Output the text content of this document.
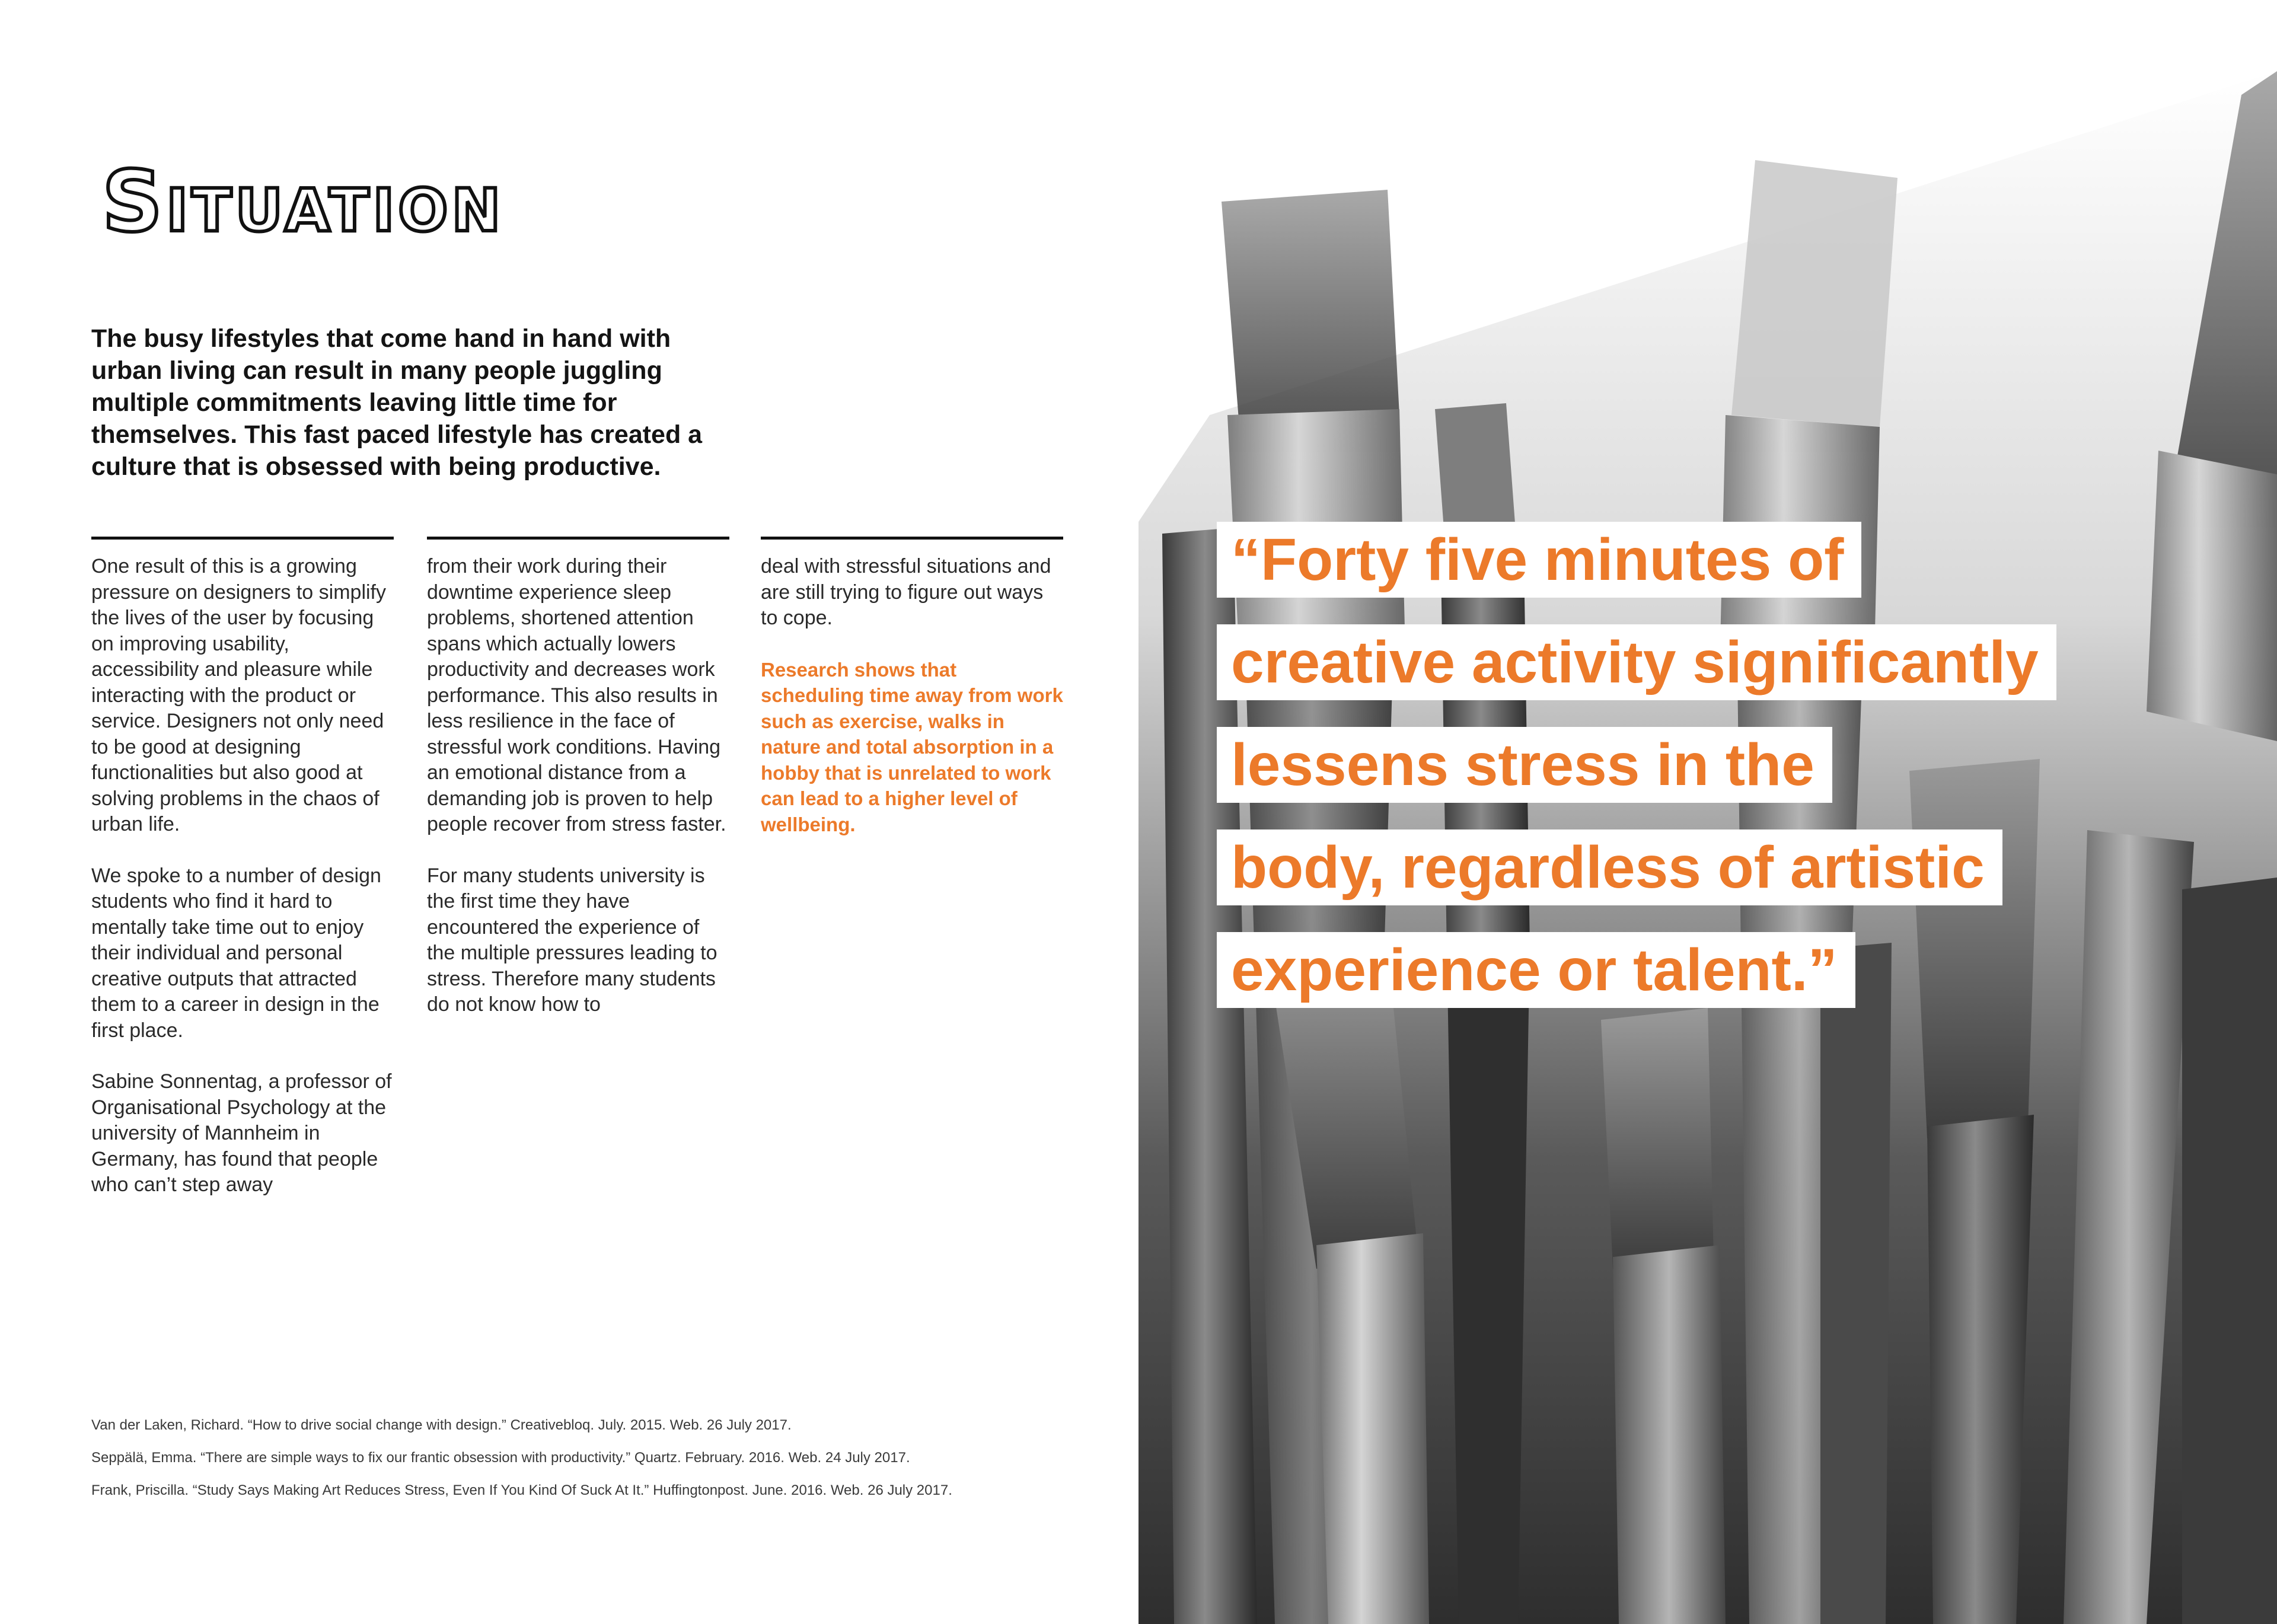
Situation

The busy lifestyles that come hand in hand with urban living can result in many people juggling multiple commitments leaving little time for themselves. This fast paced lifestyle has created a culture that is obsessed with being productive.

One result of this is a growing pressure on designers to simplify the lives of the user by focusing on improving usability, accessibility and pleasure while interacting with the product or service. Designers not only need to be good at designing functionalities but also good at solving problems in the chaos of urban life.

We spoke to a number of design students who find it hard to mentally take time out to enjoy their individual and personal creative outputs that attracted them to a career in design in the first place.

Sabine Sonnentag, a professor of Organisational Psychology at the university of Mannheim in Germany, has found that people who can’t step away

from their work during their downtime experience sleep problems, shortened attention spans which actually lowers productivity and decreases work performance. This also results in less resilience in the face of stressful work conditions. Having an emotional distance from a demanding job is proven to help people recover from stress faster.

For many students university is the first time they have encountered the experience of the multiple pressures leading to stress. Therefore many students do not know how to

deal with stressful situations and are still trying to figure out ways to cope.

Research shows that scheduling time away from work such as exercise, walks in nature and total absorption in a hobby that is unrelated to work can lead to a higher level of wellbeing.

Van der Laken, Richard. “How to drive social change with design.” Creativebloq. July. 2015. Web. 26 July 2017.
Seppälä, Emma. “There are simple ways to fix our frantic obsession with productivity.” Quartz. February. 2016. Web. 24 July 2017.
Frank, Priscilla. “Study Says Making Art Reduces Stress, Even If You Kind Of Suck At It.” Huffingtonpost. June. 2016. Web. 26 July 2017.
“Forty five minutes of
creative activity significantly
lessens stress in the
body, regardless of artistic
experience or talent.”
